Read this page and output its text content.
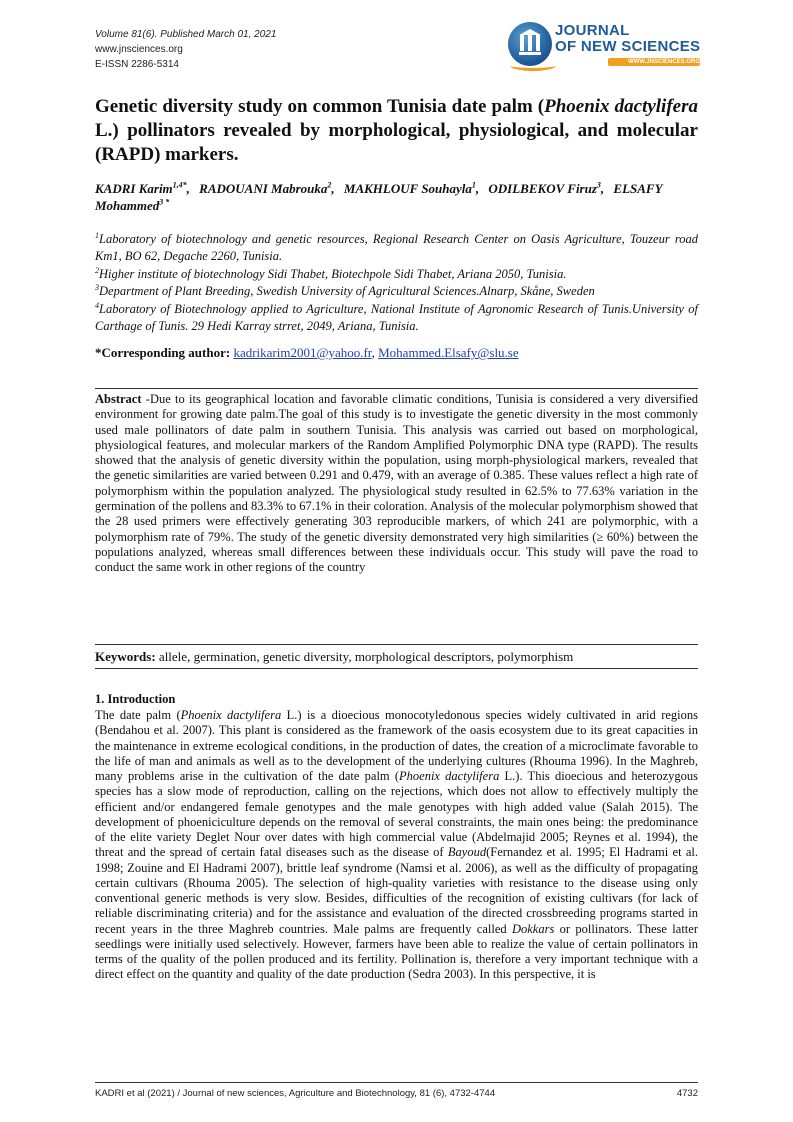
Volume 81(6). Published March 01, 2021
www.jnsciences.org
E-ISSN 2286-5314
JOURNAL
OF NEW SCIENCES
WWW.JNSCIENCES.ORG
Genetic diversity study on common Tunisia date palm (Phoenix dactylifera L.) pollinators revealed by morphological, physiological, and molecular (RAPD) markers.
KADRI Karim$^{1,4*}$, RADOUANI Mabrouka$^2$, MAKHLOUF Souhayla$^1$, ODILBEKOV Firuz$^3$, ELSAFY Mohammed$^{3 *}$

$^1$Laboratory of biotechnology and genetic resources, Regional Research Center on Oasis Agriculture, Touzeur road Km1, BO 62, Degache 2260, Tunisia.

$^2$Higher institute of biotechnology Sidi Thabet, Biotechpole Sidi Thabet, Ariana 2050, Tunisia.

$^3$Department of Plant Breeding, Swedish University of Agricultural Sciences.Alnarp, Skåne, Sweden

$^4$Laboratory of Biotechnology applied to Agriculture, National Institute of Agronomic Research of Tunis.University of Carthage of Tunis. 29 Hedi Karray strret, 2049, Ariana, Tunisia.

*Corresponding author: kadrikarim2001@yahoo.fr, Mohammed.Elsafy@slu.se
Abstract -Due to its geographical location and favorable climatic conditions, Tunisia is considered a very diversified environment for growing date palm.The goal of this study is to investigate the genetic diversity in the most commonly used male pollinators of date palm in southern Tunisia. This analysis was carried out based on morphological, physiological features, and molecular markers of the Random Amplified Polymorphic DNA type (RAPD). The results showed that the analysis of genetic diversity within the population, using morph-physiological markers, revealed that the genetic similarities are varied between 0.291 and 0.479, with an average of 0.385. These values reflect a high rate of polymorphism within the population analyzed. The physiological study resulted in 62.5% to 77.63% variation in the germination of the pollens and 83.3% to 67.1% in their coloration. Analysis of the molecular polymorphism showed that the 28 used primers were effectively generating 303 reproducible markers, of which 241 are polymorphic, with a polymorphism rate of 79%. The study of the genetic diversity demonstrated very high similarities (≥ 60%) between the populations analyzed, whereas small differences between these individuals occur. This study will pave the road to conduct the same work in other regions of the country
Keywords: allele, germination, genetic diversity, morphological descriptors, polymorphism
1. Introduction
The date palm (Phoenix dactylifera L.) is a dioecious monocotyledonous species widely cultivated in arid regions (Bendahou et al. 2007). This plant is considered as the framework of the oasis ecosystem due to its great capacities in the maintenance in extreme ecological conditions, in the production of dates, the creation of a microclimate favorable to the life of man and animals as well as to the development of the underlying cultures (Rhouma 1996). In the Maghreb, many problems arise in the cultivation of the date palm (Phoenix dactylifera L.). This dioecious and heterozygous species has a slow mode of reproduction, calling on the rejections, which does not allow to effectively multiply the efficient and/or endangered female genotypes and the male genotypes with high added value (Salah 2015). The development of phoeniciculture depends on the removal of several constraints, the main ones being: the predominance of the elite variety Deglet Nour over dates with high commercial value (Abdelmajid 2005; Reynes et al. 1994), the threat and the spread of certain fatal diseases such as the disease of Bayoud(Fernandez et al. 1995; El Hadrami et al. 1998; Zouine and El Hadrami 2007), brittle leaf syndrome (Namsi et al. 2006), as well as the difficulty of propagating certain cultivars (Rhouma 2005). The selection of high-quality varieties with resistance to the disease using only conventional generic methods is very slow. Besides, difficulties of the recognition of existing cultivars (for lack of reliable discriminating criteria) and for the assistance and evaluation of the directed crossbreeding programs started in recent years in the three Maghreb countries. Male palms are frequently called Dokkars or pollinators. These latter seedlings were initially used selectively. However, farmers have been able to realize the value of certain pollinators in terms of the quality of the pollen produced and its fertility. Pollination is, therefore a very important technique with a direct effect on the quantity and quality of the date production (Sedra 2003). In this perspective, it is
KADRI et al (2021) / Journal of new sciences, Agriculture and Biotechnology, 81 (6), 4732-4744	4732
